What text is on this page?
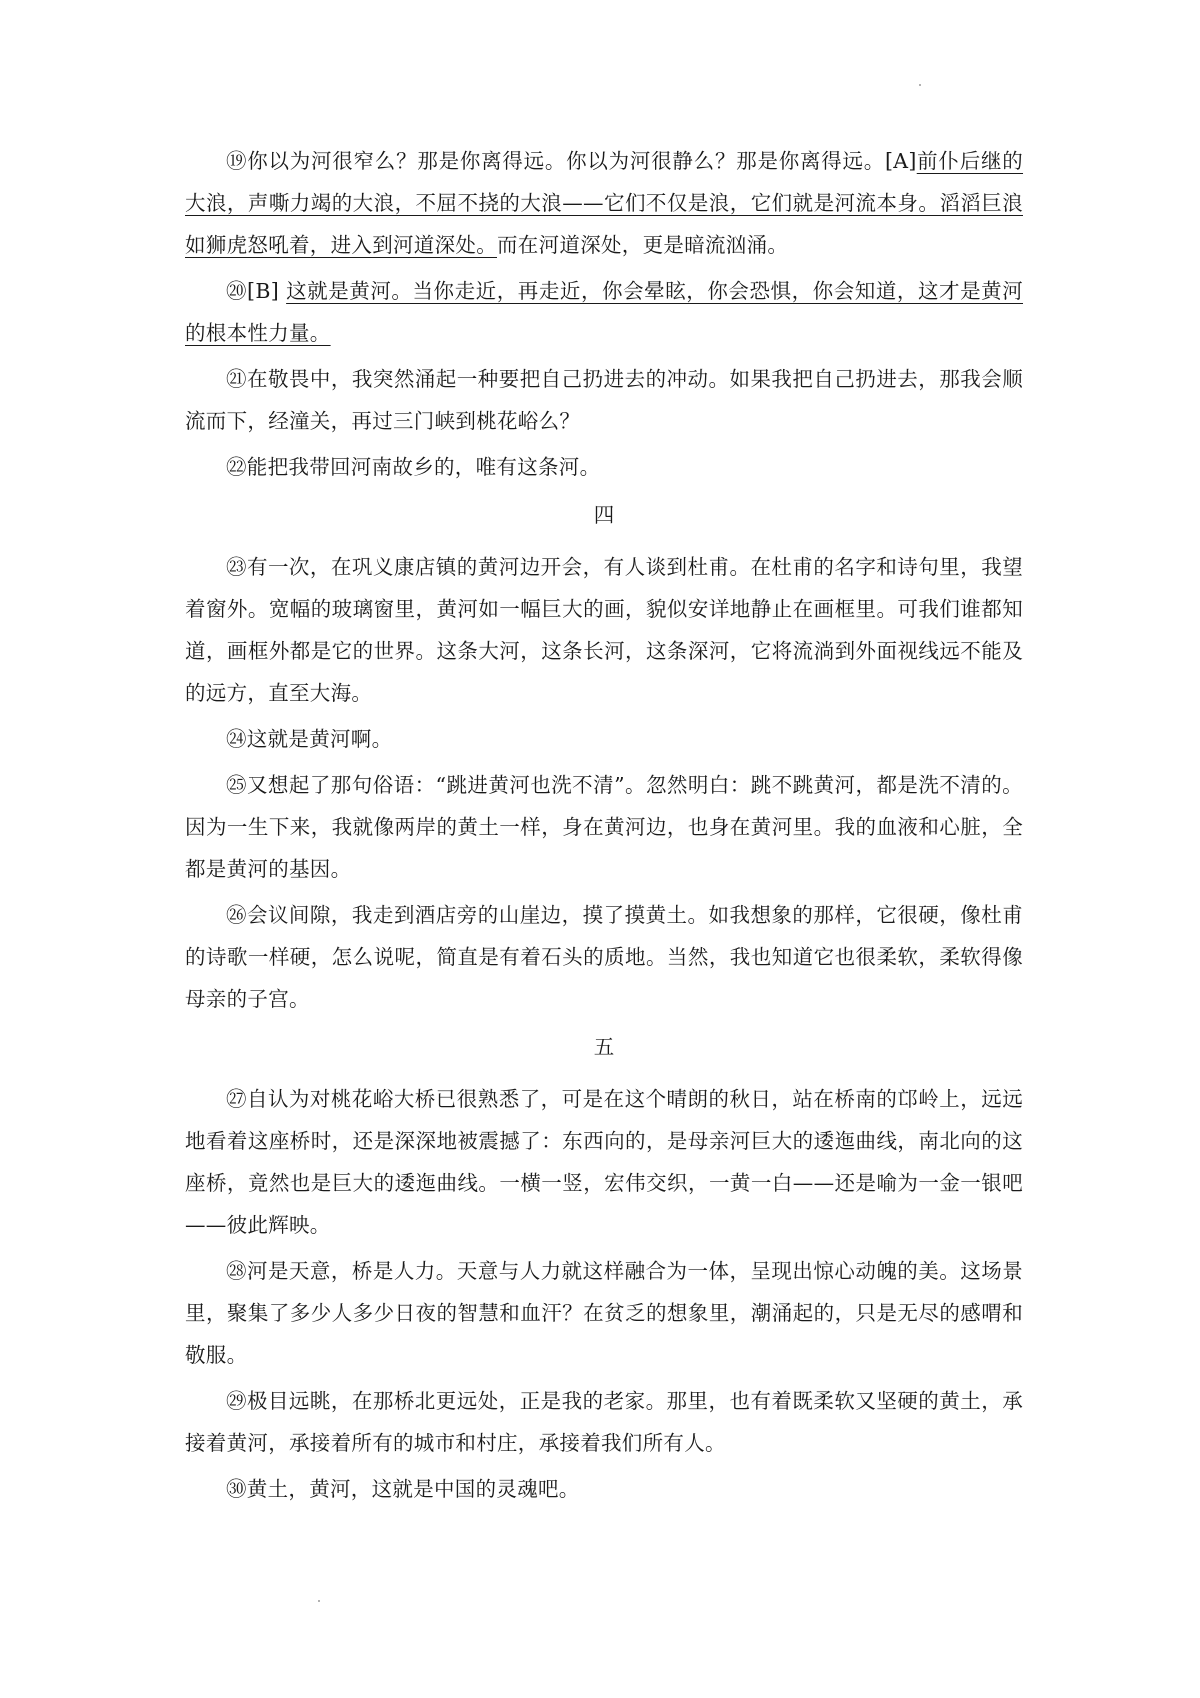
⑲你以为河很窄么？那是你离得远。你以为河很静么？那是你离得远。[A]前仆后继的大浪，声嘶力竭的大浪，不屈不挠的大浪——它们不仅是浪，它们就是河流本身。滔滔巨浪如狮虎怒吼着，进入到河道深处。而在河道深处，更是暗流汹涌。

⑳[B] 这就是黄河。当你走近，再走近，你会晕眩，你会恐惧，你会知道，这才是黄河的根本性力量。

㉑在敬畏中，我突然涌起一种要把自己扔进去的冲动。如果我把自己扔进去，那我会顺流而下，经潼关，再过三门峡到桃花峪么？

㉒能把我带回河南故乡的，唯有这条河。

四

㉓有一次，在巩义康店镇的黄河边开会，有人谈到杜甫。在杜甫的名字和诗句里，我望着窗外。宽幅的玻璃窗里，黄河如一幅巨大的画，貌似安详地静止在画框里。可我们谁都知道，画框外都是它的世界。这条大河，这条长河，这条深河，它将流淌到外面视线远不能及的远方，直至大海。

㉔这就是黄河啊。

㉕又想起了那句俗语：“跳进黄河也洗不清”。忽然明白：跳不跳黄河，都是洗不清的。因为一生下来，我就像两岸的黄土一样，身在黄河边，也身在黄河里。我的血液和心脏，全都是黄河的基因。

㉖会议间隙，我走到酒店旁的山崖边，摸了摸黄土。如我想象的那样，它很硬，像杜甫的诗歌一样硬，怎么说呢，简直是有着石头的质地。当然，我也知道它也很柔软，柔软得像母亲的子宫。

五

㉗自认为对桃花峪大桥已很熟悉了，可是在这个晴朗的秋日，站在桥南的邙岭上，远远地看着这座桥时，还是深深地被震撼了：东西向的，是母亲河巨大的逶迤曲线，南北向的这座桥，竟然也是巨大的逶迤曲线。一横一竖，宏伟交织，一黄一白——还是喻为一金一银吧——彼此辉映。

㉘河是天意，桥是人力。天意与人力就这样融合为一体，呈现出惊心动魄的美。这场景里，聚集了多少人多少日夜的智慧和血汗？在贫乏的想象里，潮涌起的，只是无尽的感喟和敬服。

㉙极目远眺，在那桥北更远处，正是我的老家。那里，也有着既柔软又坚硬的黄土，承接着黄河，承接着所有的城市和村庄，承接着我们所有人。

㉚黄土，黄河，这就是中国的灵魂吧。
